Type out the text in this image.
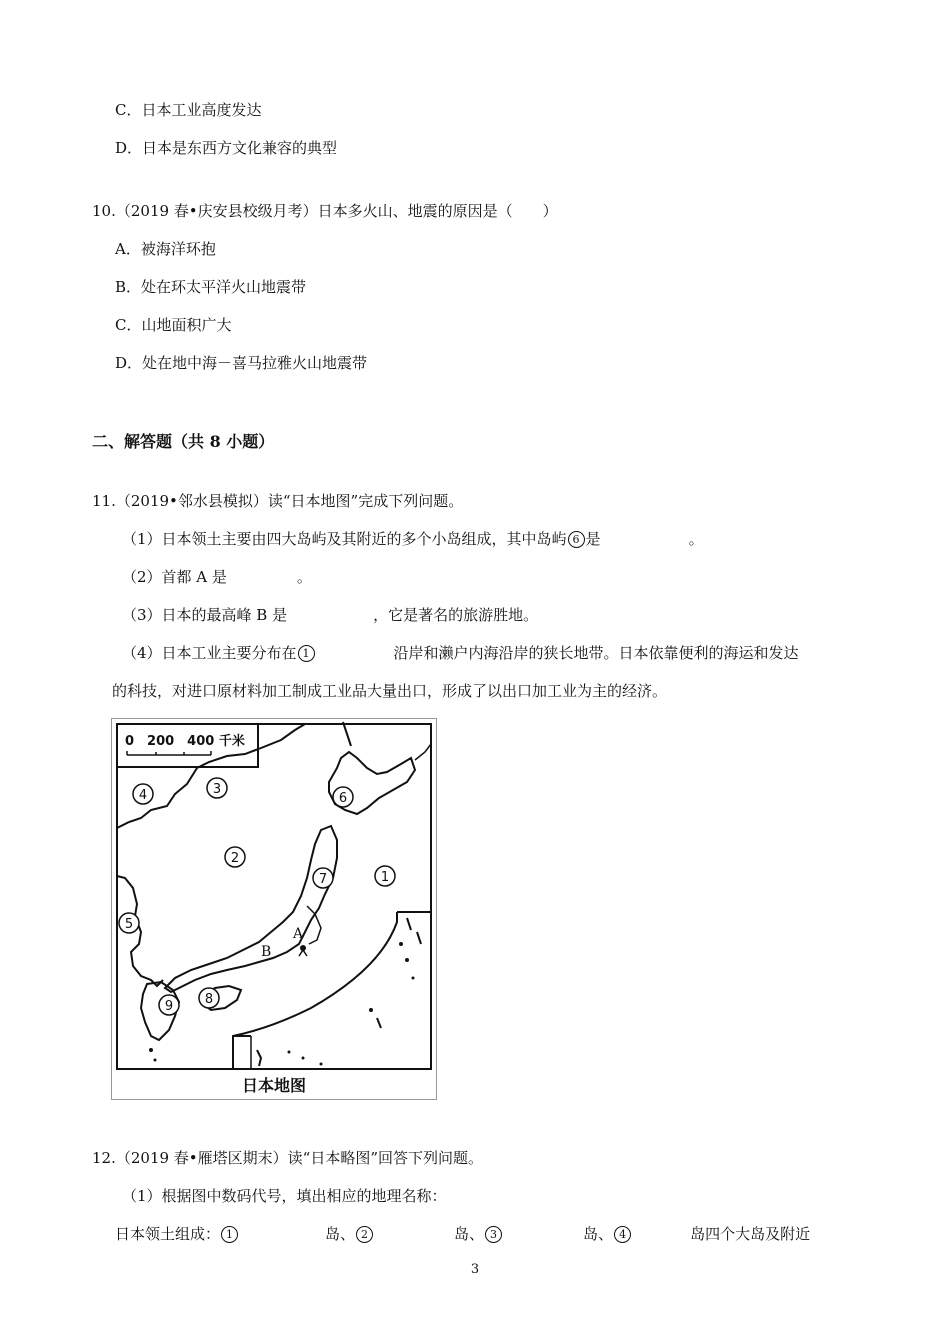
C．日本工业高度发达
D．日本是东西方文化兼容的典型
10.（2019 春•庆安县校级月考）日本多火山、地震的原因是（　　）
A．被海洋环抱
B．处在环太平洋火山地震带
C．山地面积广大
D．处在地中海－喜马拉雅火山地震带
二、解答题（共 8 小题）
11.（2019•邻水县模拟）读“日本地图”完成下列问题。
（1）日本领土主要由四大岛屿及其附近的多个小岛组成，其中岛屿 6 是	。
（2）首都 A 是	。
（3）日本的最高峰 B 是	，它是著名的旅游胜地。
（4）日本工业主要分布在 1	沿岸和濑户内海沿岸的狭长地带。日本依靠便利的海运和发达
的科技，对进口原材料加工制成工业品大量出口，形成了以出口加工业为主的经济。
0　200　400 千米
日本地图
1
2
3
4
5
6
7
8
9
A
B
12.（2019 春•雁塔区期末）读“日本略图”回答下列问题。
（1）根据图中数码代号，填出相应的地理名称：
日本领土组成： 1	岛、 2	岛、 3	岛、 4	岛四个大岛及附近
3
